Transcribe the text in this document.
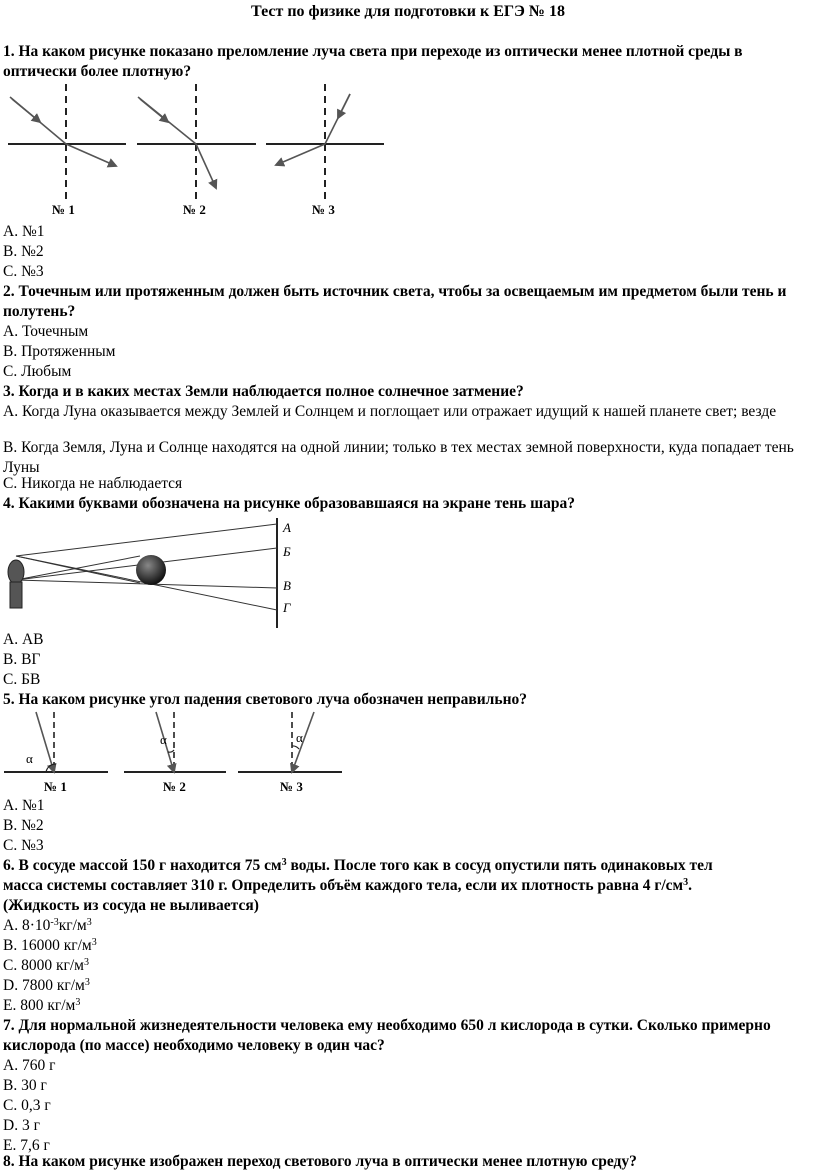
Тест по физике для подготовки к ЕГЭ № 18
1. На каком рисунке показано преломление луча света при переходе из оптически менее плотной среды в оптически более плотную?
№ 1	№ 2	№ 3
А. №1
В. №2
С. №3
2. Точечным или протяженным должен быть источник света, чтобы за освещаемым им предметом были тень и полутень?
А. Точечным
В. Протяженным
С. Любым
3. Когда и в каких местах Земли наблюдается полное солнечное затмение?
А. Когда Луна оказывается между Землей и Солнцем и поглощает или отражает идущий к нашей планете свет; везде
В. Когда Земля, Луна и Солнце находятся на одной линии; только в тех местах земной поверхности, куда попадает тень Луны
С. Никогда не наблюдается
4. Какими буквами обозначена на рисунке образовавшаяся на экране тень шара?
А
Б
В
Г
А. АВ
В. ВГ
С. БВ
5. На каком рисунке угол падения светового луча обозначен неправильно?
α
№ 1
α
№ 2
α
№ 3
А. №1
В. №2
С. №3
6. В сосуде массой 150 г находится 75 $см^3$ воды. После того как в сосуд опустили пять одинаковых тел
масса системы составляет 310 г. Определить объём каждого тела, если их плотность равна 4 $г/см^3$.
(Жидкость из сосуда не выливается)
А. $8\cdot 10^{-3}кг/м^3$
В. 16000 $кг/м^3$
С. 8000 $кг/м^3$
D. 7800 $кг/м^3$
Е. 800 $кг/м^3$
7. Для нормальной жизнедеятельности человека ему необходимо 650 л кислорода в сутки. Сколько примерно кислорода (по массе) необходимо человеку в один час?
А. 760 г
В. 30 г
С. 0,3 г
D. 3 г
Е. 7,6 г
8. На каком рисунке изображен переход светового луча в оптически менее плотную среду?
